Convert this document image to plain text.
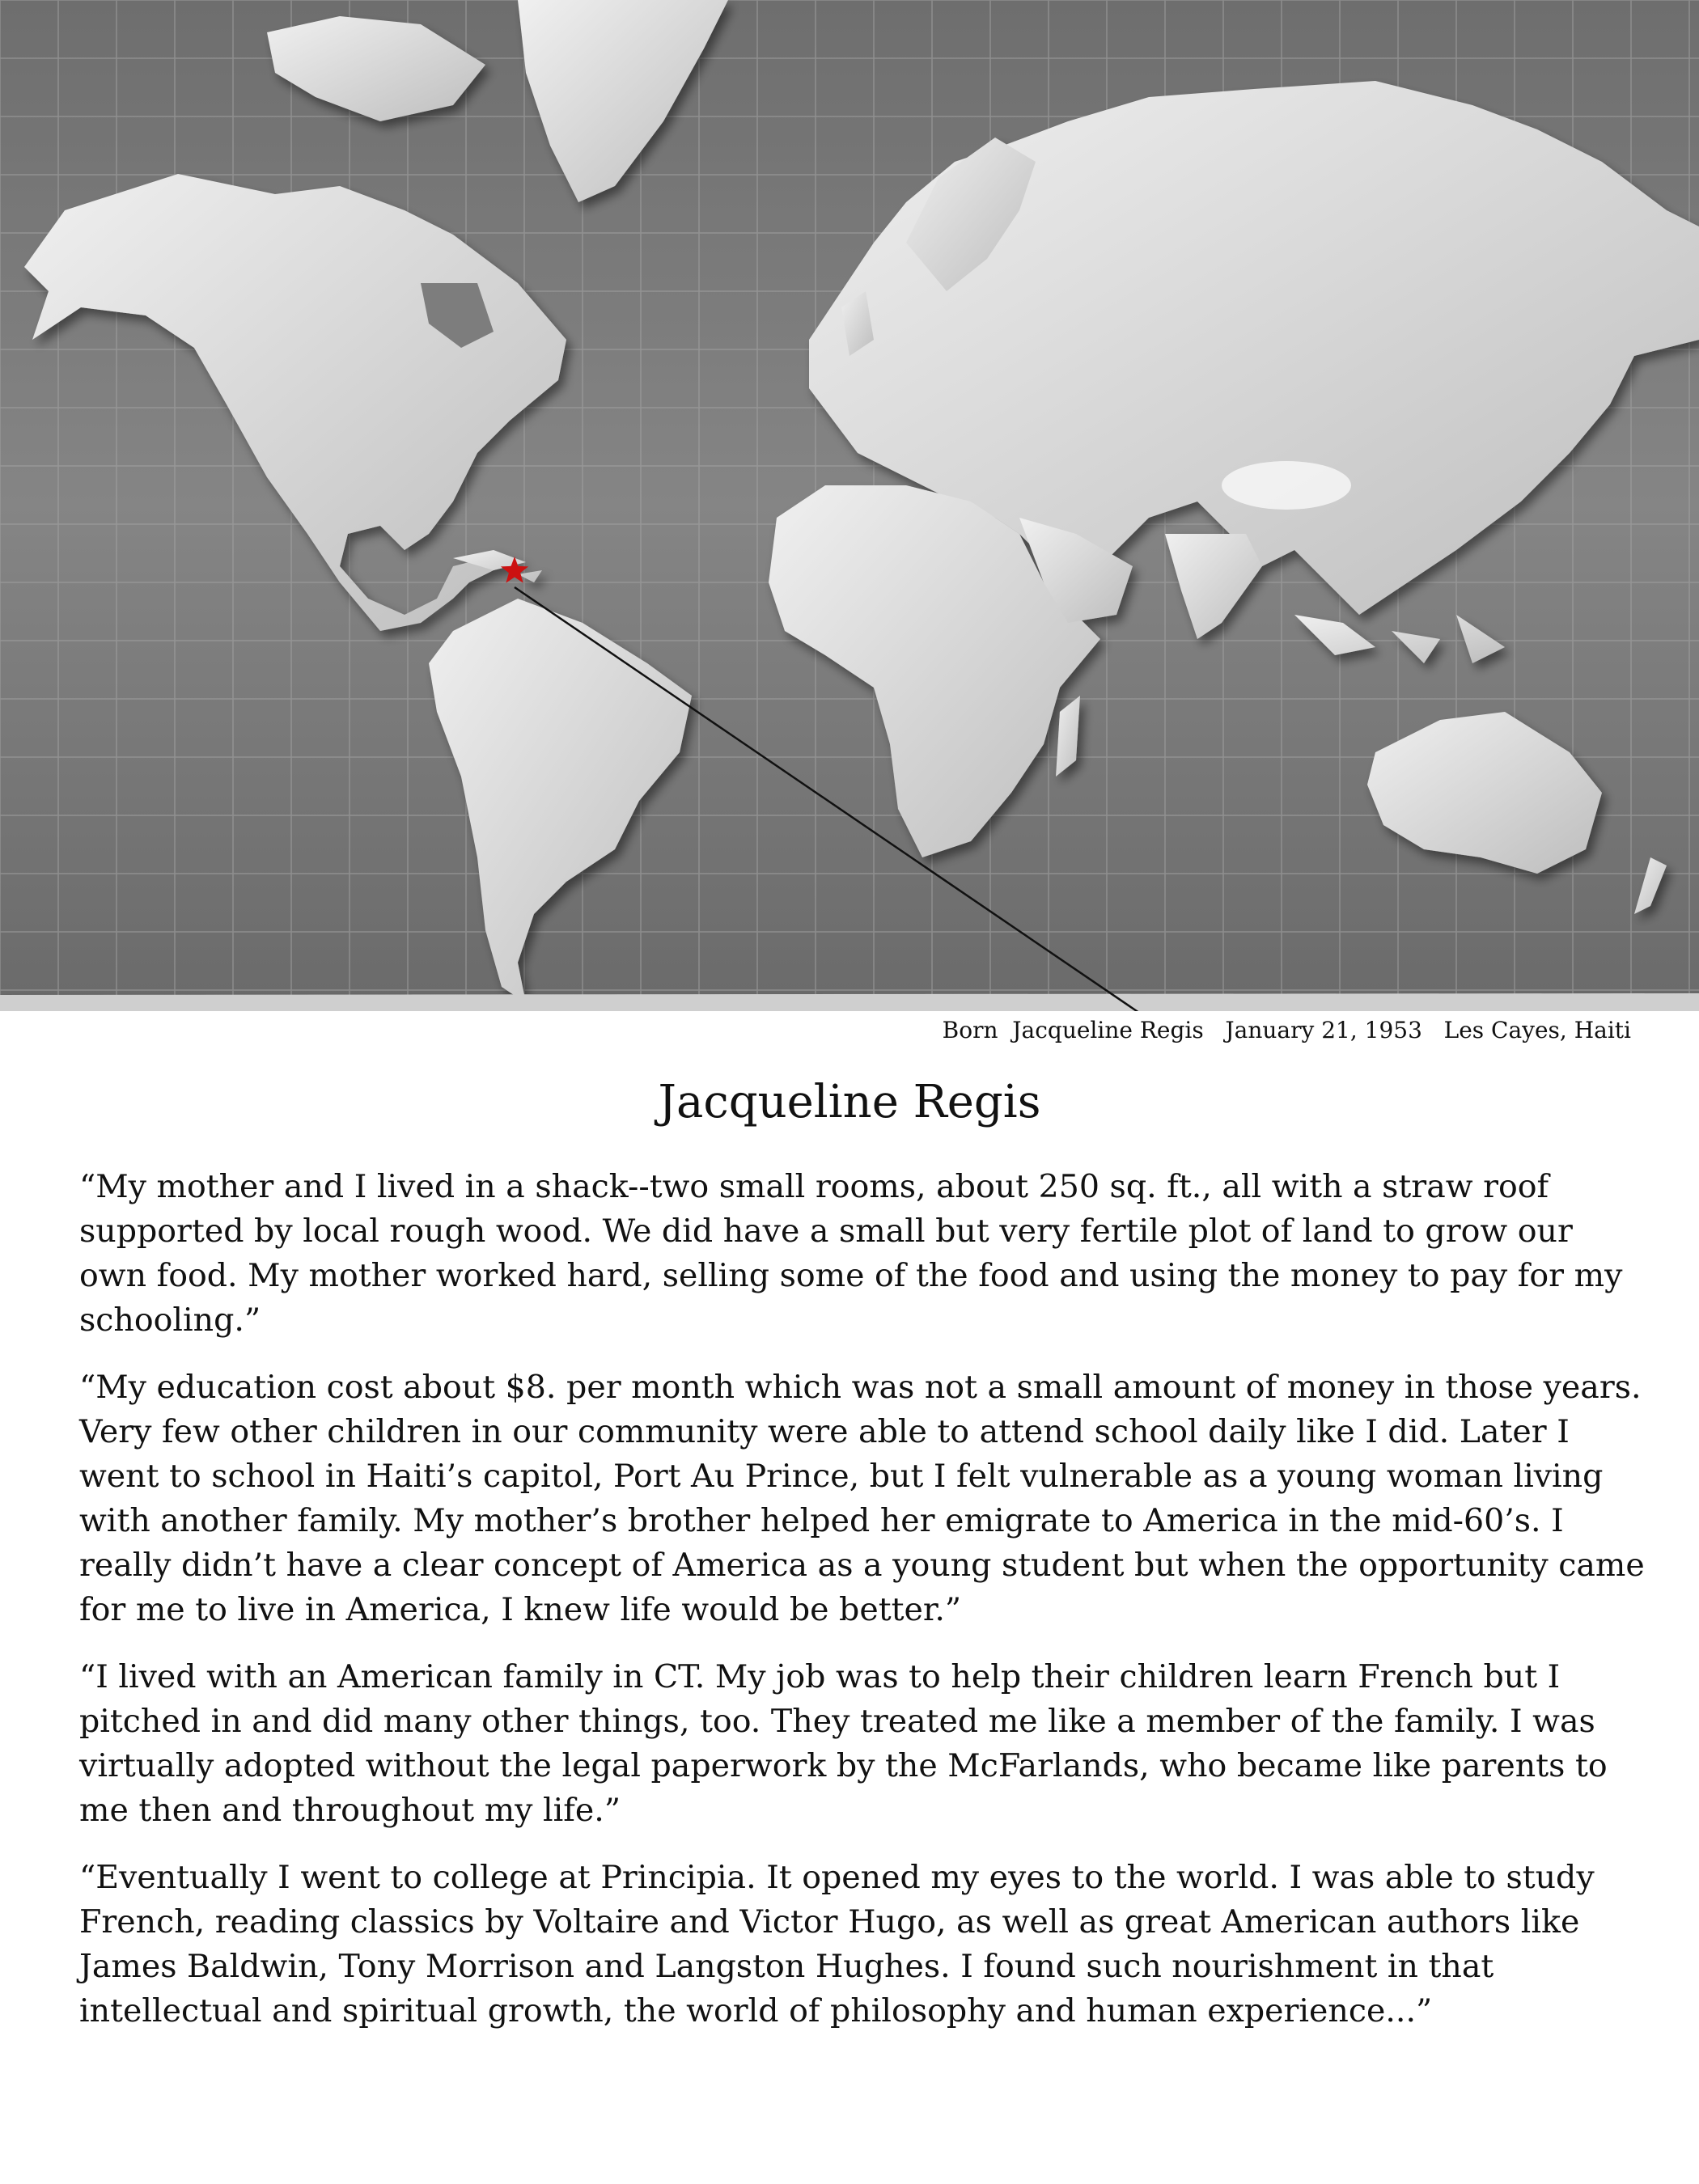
Born  Jacqueline Regis   January 21, 1953   Les Cayes, Haiti
Jacqueline Regis

“My mother and I lived in a shack--two small rooms, about 250 sq. ft., all with a straw roof supported by local rough wood. We did have a small but very fertile plot of land to grow our own food. My mother worked hard, selling some of the food and using the money to pay for my schooling.”

“My education cost about $8. per month which was not a small amount of money in those years. Very few other children in our community were able to attend school daily like I did. Later I went to school in Haiti’s capitol, Port Au Prince, but I felt vulnerable as a young woman living with another family. My mother’s brother helped her emigrate to America in the mid-60’s. I really didn’t have a clear concept of America as a young student but when the opportunity came for me to live in America, I knew life would be better.”

“I lived with an American family in CT. My job was to help their children learn French but I pitched in and did many other things, too. They treated me like a member of the family. I was virtually adopted without the legal paperwork by the McFarlands, who became like parents to me then and throughout my life.”

“Eventually I went to college at Principia. It opened my eyes to the world. I was able to study French, reading classics by Voltaire and Victor Hugo, as well as great American authors like James Baldwin, Tony Morrison and Langston Hughes. I found such nourishment in that intellectual and spiritual growth, the world of philosophy and human experience...”
